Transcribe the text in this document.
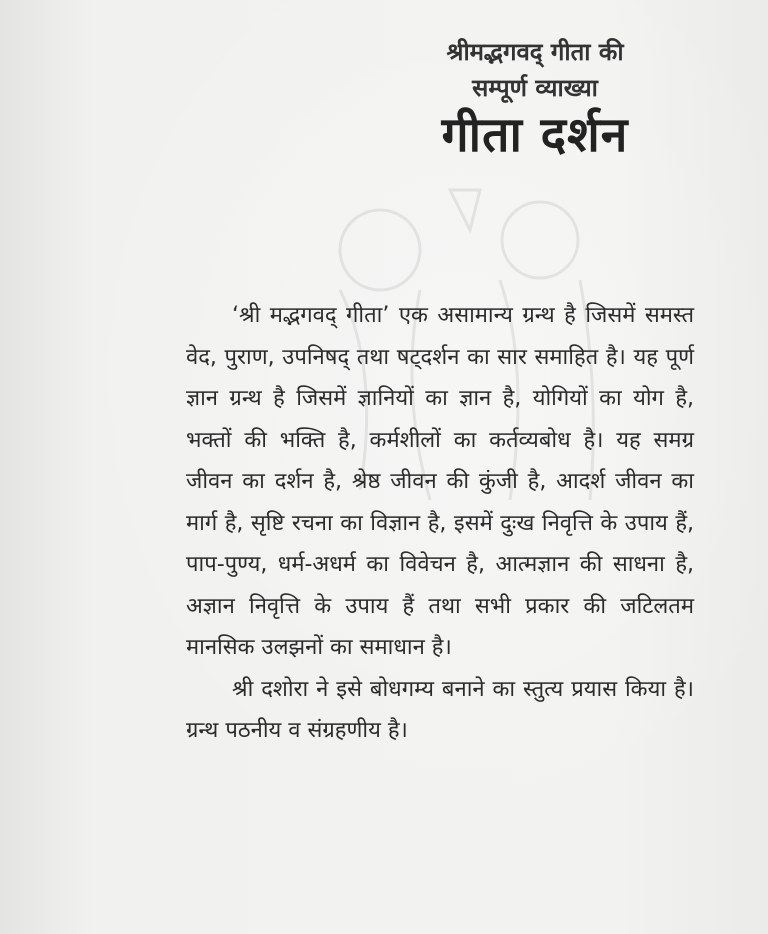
श्रीमद्भगवद् गीता की
सम्पूर्ण व्याख्या
गीता दर्शन

‘श्री मद्भगवद् गीता’ एक असामान्य ग्रन्थ है जिसमें समस्त वेद, पुराण, उपनिषद् तथा षट्दर्शन का सार समाहित है। यह पूर्ण ज्ञान ग्रन्थ है जिसमें ज्ञानियों का ज्ञान है, योगियों का योग है, भक्तों की भक्ति है, कर्मशीलों का कर्तव्यबोध है। यह समग्र जीवन का दर्शन है, श्रेष्ठ जीवन की कुंजी है, आदर्श जीवन का मार्ग है, सृष्टि रचना का विज्ञान है, इसमें दुःख निवृत्ति के उपाय हैं, पाप-पुण्य, धर्म-अधर्म का विवेचन है, आत्मज्ञान की साधना है, अज्ञान निवृत्ति के उपाय हैं तथा सभी प्रकार की जटिलतम मानसिक उलझनों का समाधान है।

श्री दशोरा ने इसे बोधगम्य बनाने का स्तुत्य प्रयास किया है। ग्रन्थ पठनीय व संग्रहणीय है।
